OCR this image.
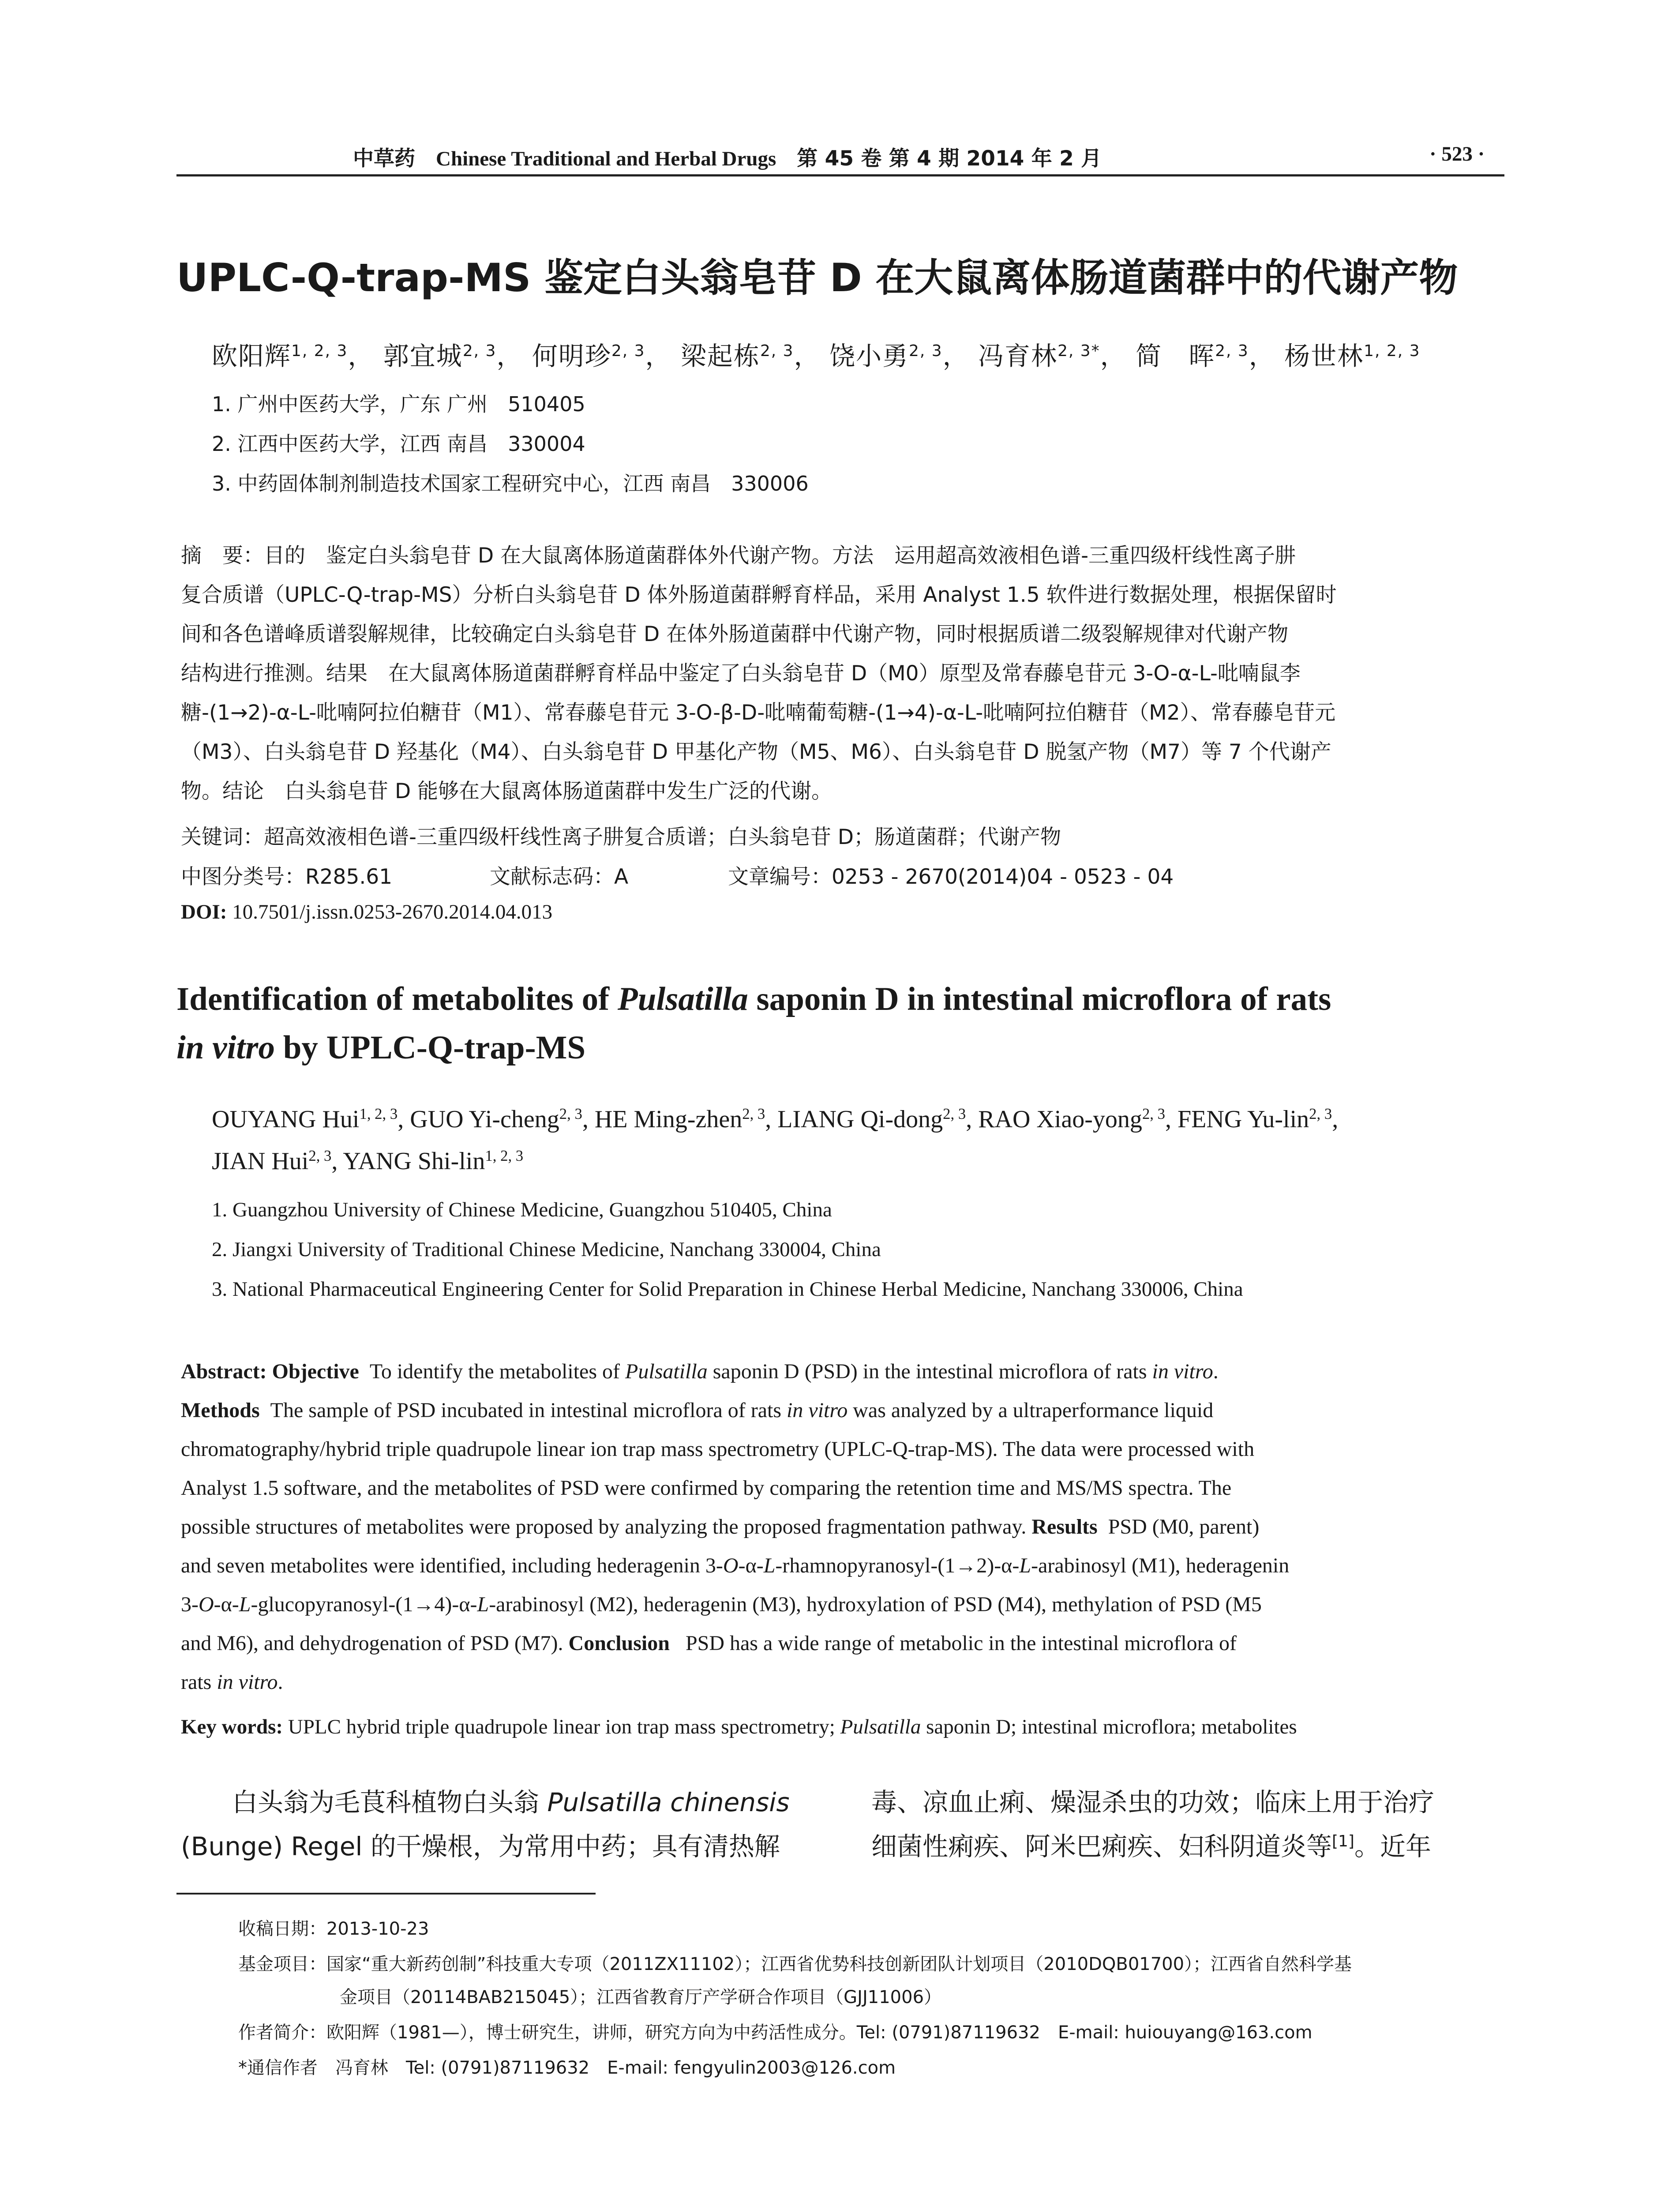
中草药 Chinese Traditional and Herbal Drugs 第 45 卷 第 4 期 2014 年 2 月	· 523 ·
UPLC-Q-trap-MS 鉴定白头翁皂苷 D 在大鼠离体肠道菌群中的代谢产物
欧阳辉$^{1, 2, 3}$， 郭宜城$^{2, 3}$， 何明珍$^{2, 3}$， 梁起栋$^{2, 3}$， 饶小勇$^{2, 3}$， 冯育林$^{2, 3*}$， 简　晖$^{2, 3}$， 杨世林$^{1, 2, 3}$
1. 广州中医药大学，广东 广州　510405
2. 江西中医药大学，江西 南昌　330004
3. 中药固体制剂制造技术国家工程研究中心，江西 南昌　330006
摘　要：目的　鉴定白头翁皂苷 D 在大鼠离体肠道菌群体外代谢产物。方法　运用超高效液相色谱-三重四级杆线性离子肼
复合质谱（UPLC-Q-trap-MS）分析白头翁皂苷 D 体外肠道菌群孵育样品，采用 Analyst 1.5 软件进行数据处理，根据保留时
间和各色谱峰质谱裂解规律，比较确定白头翁皂苷 D 在体外肠道菌群中代谢产物，同时根据质谱二级裂解规律对代谢产物
结构进行推测。结果　在大鼠离体肠道菌群孵育样品中鉴定了白头翁皂苷 D（M0）原型及常春藤皂苷元 3-O-α-L-吡喃鼠李
糖-(1→2)-α-L-吡喃阿拉伯糖苷（M1）、常春藤皂苷元 3-O-β-D-吡喃葡萄糖-(1→4)-α-L-吡喃阿拉伯糖苷（M2）、常春藤皂苷元
（M3）、白头翁皂苷 D 羟基化（M4）、白头翁皂苷 D 甲基化产物（M5、M6）、白头翁皂苷 D 脱氢产物（M7）等 7 个代谢产
物。结论　白头翁皂苷 D 能够在大鼠离体肠道菌群中发生广泛的代谢。
关键词：超高效液相色谱-三重四级杆线性离子肼复合质谱；白头翁皂苷 D；肠道菌群；代谢产物
中图分类号：R285.61	文献标志码：A	文章编号：0253 - 2670(2014)04 - 0523 - 04
DOI: 10.7501/j.issn.0253-2670.2014.04.013
Identification of metabolites of Pulsatilla saponin D in intestinal microflora of rats
in vitro by UPLC-Q-trap-MS
OUYANG Hui$^{1, 2, 3}$, GUO Yi-cheng$^{2, 3}$, HE Ming-zhen$^{2, 3}$, LIANG Qi-dong$^{2, 3}$, RAO Xiao-yong$^{2, 3}$, FENG Yu-lin$^{2, 3}$,
JIAN Hui$^{2, 3}$, YANG Shi-lin$^{1, 2, 3}$
1. Guangzhou University of Chinese Medicine, Guangzhou 510405, China
2. Jiangxi University of Traditional Chinese Medicine, Nanchang 330004, China
3. National Pharmaceutical Engineering Center for Solid Preparation in Chinese Herbal Medicine, Nanchang 330006, China
Abstract: Objective  To identify the metabolites of Pulsatilla saponin D (PSD) in the intestinal microflora of rats in vitro.
Methods  The sample of PSD incubated in intestinal microflora of rats in vitro was analyzed by a ultraperformance liquid
chromatography/hybrid triple quadrupole linear ion trap mass spectrometry (UPLC-Q-trap-MS). The data were processed with
Analyst 1.5 software, and the metabolites of PSD were confirmed by comparing the retention time and MS/MS spectra. The
possible structures of metabolites were proposed by analyzing the proposed fragmentation pathway. Results  PSD (M0, parent)
and seven metabolites were identified, including hederagenin 3-O-α-L-rhamnopyranosyl-(1→2)-α-L-arabinosyl (M1), hederagenin
3-O-α-L-glucopyranosyl-(1→4)-α-L-arabinosyl (M2), hederagenin (M3), hydroxylation of PSD (M4), methylation of PSD (M5
and M6), and dehydrogenation of PSD (M7). Conclusion   PSD has a wide range of metabolic in the intestinal microflora of
rats in vitro.
Key words: UPLC hybrid triple quadrupole linear ion trap mass spectrometry; Pulsatilla saponin D; intestinal microflora; metabolites
　　白头翁为毛茛科植物白头翁 Pulsatilla chinensis
(Bunge) Regel 的干燥根，为常用中药；具有清热解
毒、凉血止痢、燥湿杀虫的功效；临床上用于治疗
细菌性痢疾、阿米巴痢疾、妇科阴道炎等[1]。近年
收稿日期：2013-10-23
基金项目：国家“重大新药创制”科技重大专项（2011ZX11102）；江西省优势科技创新团队计划项目（2010DQB01700）；江西省自然科学基
金项目（20114BAB215045）；江西省教育厅产学研合作项目（GJJ11006）
作者简介：欧阳辉（1981—），博士研究生，讲师，研究方向为中药活性成分。Tel: (0791)87119632　E-mail: huiouyang@163.com
*通信作者　冯育林　Tel: (0791)87119632　E-mail: fengyulin2003@126.com
